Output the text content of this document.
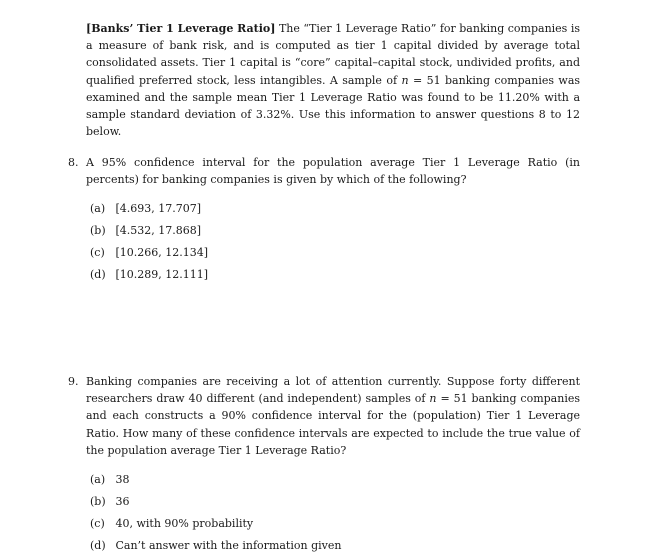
[Banks’ Tier 1 Leverage Ratio] The “Tier 1 Leverage Ratio” for banking companies is a measure of bank risk, and is computed as tier 1 capital divided by average total consolidated assets. Tier 1 capital is “core” capital–capital stock, undivided profits, and qualified preferred stock, less intangibles. A sample of n = 51 banking companies was examined and the sample mean Tier 1 Leverage Ratio was found to be 11.20% with a sample standard deviation of 3.32%. Use this information to answer questions 8 to 12 below.

8. A 95% confidence interval for the population average Tier 1 Leverage Ratio (in percents) for banking companies is given by which of the following?

(a) [4.693, 17.707]
(b) [4.532, 17.868]
(c) [10.266, 12.134]
(d) [10.289, 12.111]
9. Banking companies are receiving a lot of attention currently. Suppose forty different researchers draw 40 different (and independent) samples of n = 51 banking companies and each constructs a 90% confidence interval for the (population) Tier 1 Leverage Ratio. How many of these confidence intervals are expected to include the true value of the population average Tier 1 Leverage Ratio?

(a) 38
(b) 36
(c) 40, with 90% probability
(d) Can’t answer with the information given
